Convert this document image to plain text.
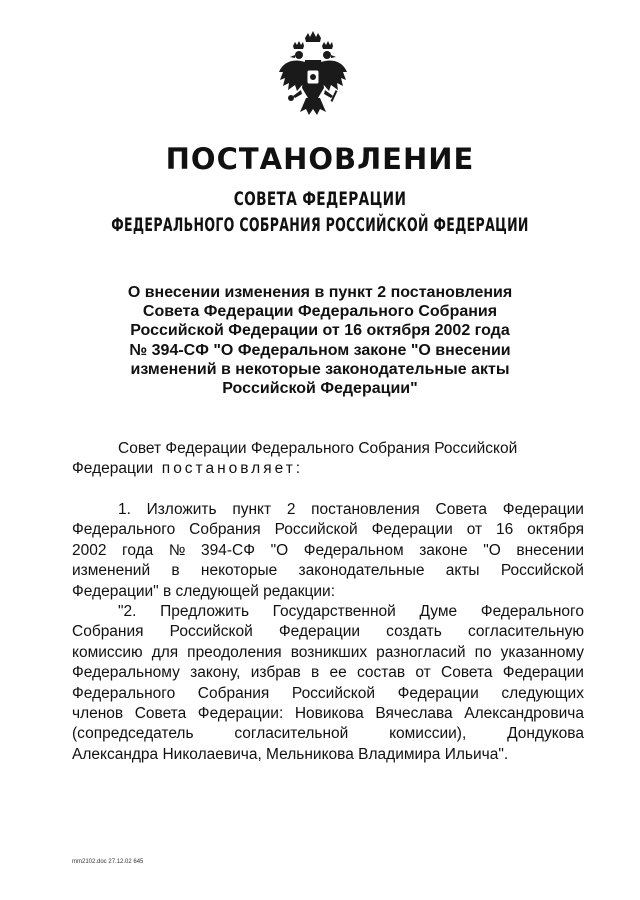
ПОСТАНОВЛЕНИЕ
СОВЕТА ФЕДЕРАЦИИ
ФЕДЕРАЛЬНОГО СОБРАНИЯ РОССИЙСКОЙ ФЕДЕРАЦИИ
О внесении изменения в пункт 2 постановления
Совета Федерации Федерального Собрания
Российской Федерации от 16 октября 2002 года
№ 394-СФ "О Федеральном законе "О внесении
изменений в некоторые законодательные акты
Российской Федерации"
Совет Федерации Федерального Собрания Российской
Федерации
постановляет:
1. Изложить пункт 2 постановления Совета Федерации
Федерального Собрания Российской Федерации от 16 октября
2002 года № 394-СФ "О Федеральном законе "О внесении
изменений в некоторые законодательные акты Российской
Федерации" в следующей редакции:
"2. Предложить Государственной Думе Федерального
Собрания Российской Федерации создать согласительную
комиссию для преодоления возникших разногласий по указанному
Федеральному закону, избрав в ее состав от Совета Федерации
Федерального Собрания Российской Федерации следующих
членов Совета Федерации: Новикова Вячеслава Александровича
(сопредседатель	согласительной	комиссии),	Дондукова
Александра Николаевича, Мельникова Владимира Ильича".
mm2102.doc 27.12.02 645
